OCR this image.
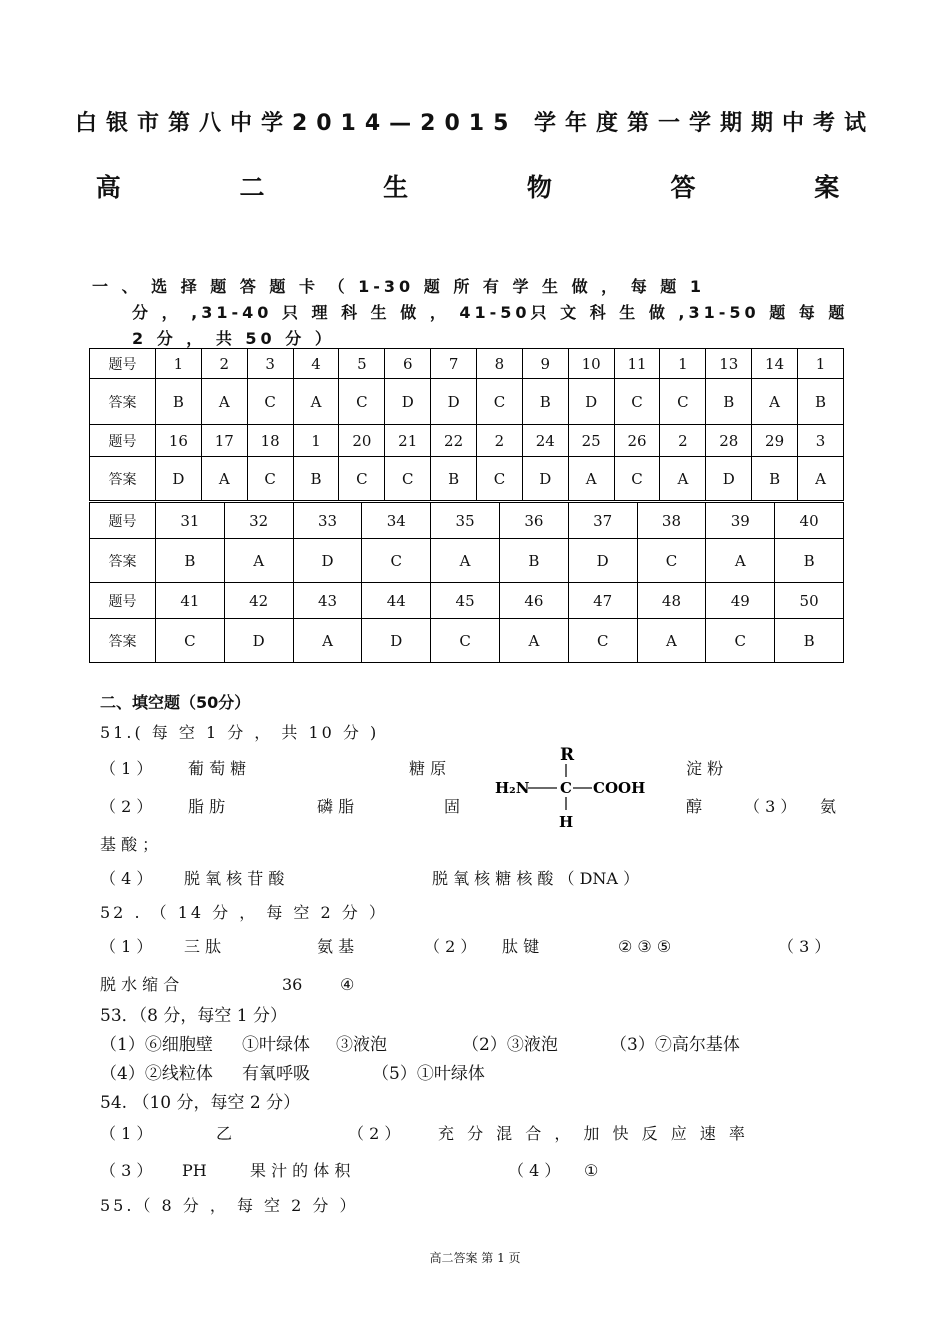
白银市第八中学2014—2015 学年度第一学期期中考试
高 二 生 物 答 案
一 、 选 择 题 答 题 卡 （ 1-30 题 所 有 学 生 做 ， 每 题 1
分 ， ,31-40 只 理 科 生 做 ， 41-50只 文 科 生 做 ,31-50 题 每 题
2 分 ， 共 50 分 ）
题号	1	2	3	4	5	6	7	8	9	10	11	1	13	14	1
答案	B	A	C	A	C	D	D	C	B	D	C	C	B	A	B
题号	16	17	18	1	20	21	22	2	24	25	26	2	28	29	3
答案	D	A	C	B	C	C	B	C	D	A	C	A	D	B	A
题号	31	32	33	34	35	36	37	38	39	40
答案	B	A	D	C	A	B	D	C	A	B
题号	41	42	43	44	45	46	47	48	49	50
答案	C	D	A	D	C	A	C	A	C	B
二、填空题（50分）
51.( 每 空 1 分 ， 共 10 分 )
（ 1 ） 葡 萄 糖	糖 原	淀 粉
R
H₂N C COOH
H
（ 2 ） 脂 肪	磷 脂	固	醇	（ 3 ） 氨
基 酸 ；
（ 4 ） 脱 氧 核 苷 酸	脱 氧 核 糖 核 酸 （ DNA ）
52 . （ 14 分 ， 每 空 2 分 ）
（ 1 ） 三 肽	氨 基	（ 2 ） 肽 键	② ③ ⑤	（ 3 ）
脱 水 缩 合	36 ④
53．（8 分，每空 1 分）
（1）⑥细胞壁 ①叶绿体 ③液泡	（2）③液泡	（3）⑦高尔基体
（4）②线粒体 有氧呼吸	（5）①叶绿体
54. （10 分，每空 2 分）
（ 1 ）	乙	（ 2 ） 充 分 混 合 ， 加 快 反 应 速 率
（ 3 ） PH	果 汁 的 体 积	（ 4 ） ①
55.（ 8 分 ， 每 空 2 分 ）
高二答案 第 1 页
